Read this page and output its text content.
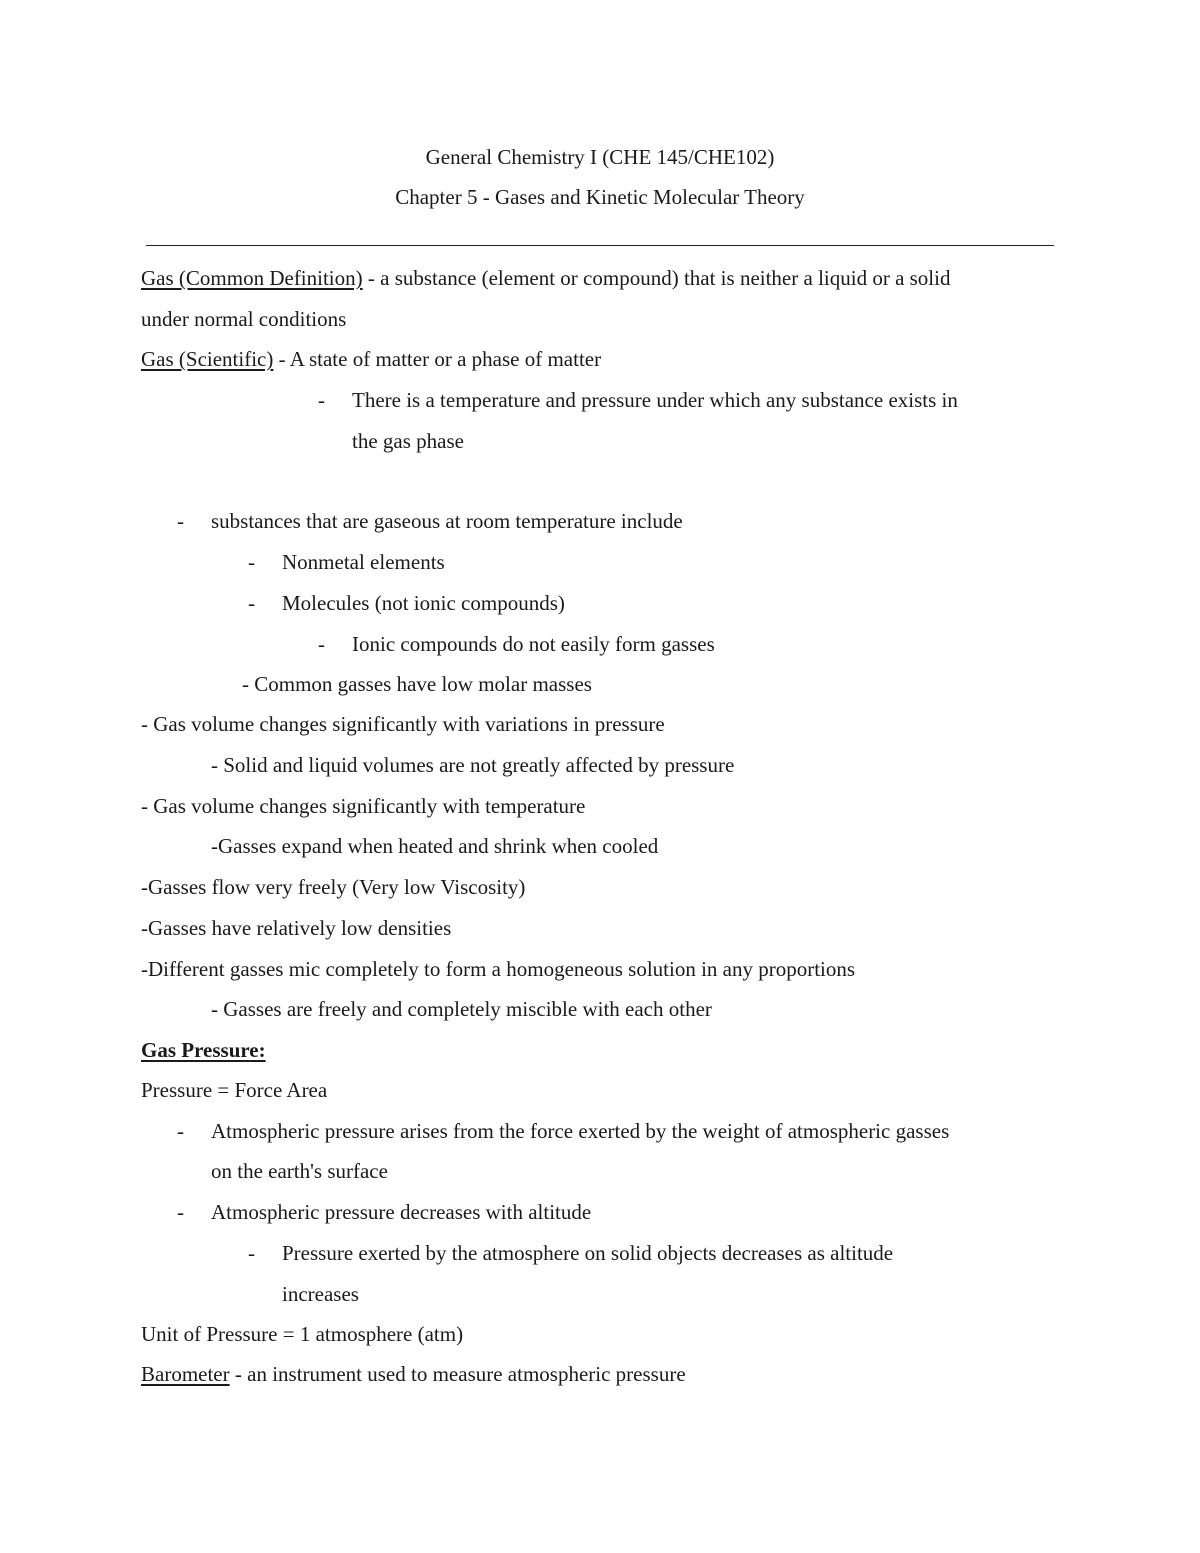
General Chemistry I (CHE 145/CHE102)
Chapter 5 - Gases and Kinetic Molecular Theory
Gas (Common Definition) - a substance (element or compound) that is neither a liquid or a solid
under normal conditions
Gas (Scientific) - A state of matter or a phase of matter
- There is a temperature and pressure under which any substance exists in
the gas phase
- substances that are gaseous at room temperature include
- Nonmetal elements
- Molecules (not ionic compounds)
- Ionic compounds do not easily form gasses
- Common gasses have low molar masses
- Gas volume changes significantly with variations in pressure
- Solid and liquid volumes are not greatly affected by pressure
- Gas volume changes significantly with temperature
-Gasses expand when heated and shrink when cooled
-Gasses flow very freely (Very low Viscosity)
-Gasses have relatively low densities
-Different gasses mic completely to form a homogeneous solution in any proportions
- Gasses are freely and completely miscible with each other
Gas Pressure:
Pressure = Force Area
- Atmospheric pressure arises from the force exerted by the weight of atmospheric gasses
on the earth's surface
- Atmospheric pressure decreases with altitude
- Pressure exerted by the atmosphere on solid objects decreases as altitude
increases
Unit of Pressure = 1 atmosphere (atm)
Barometer - an instrument used to measure atmospheric pressure
